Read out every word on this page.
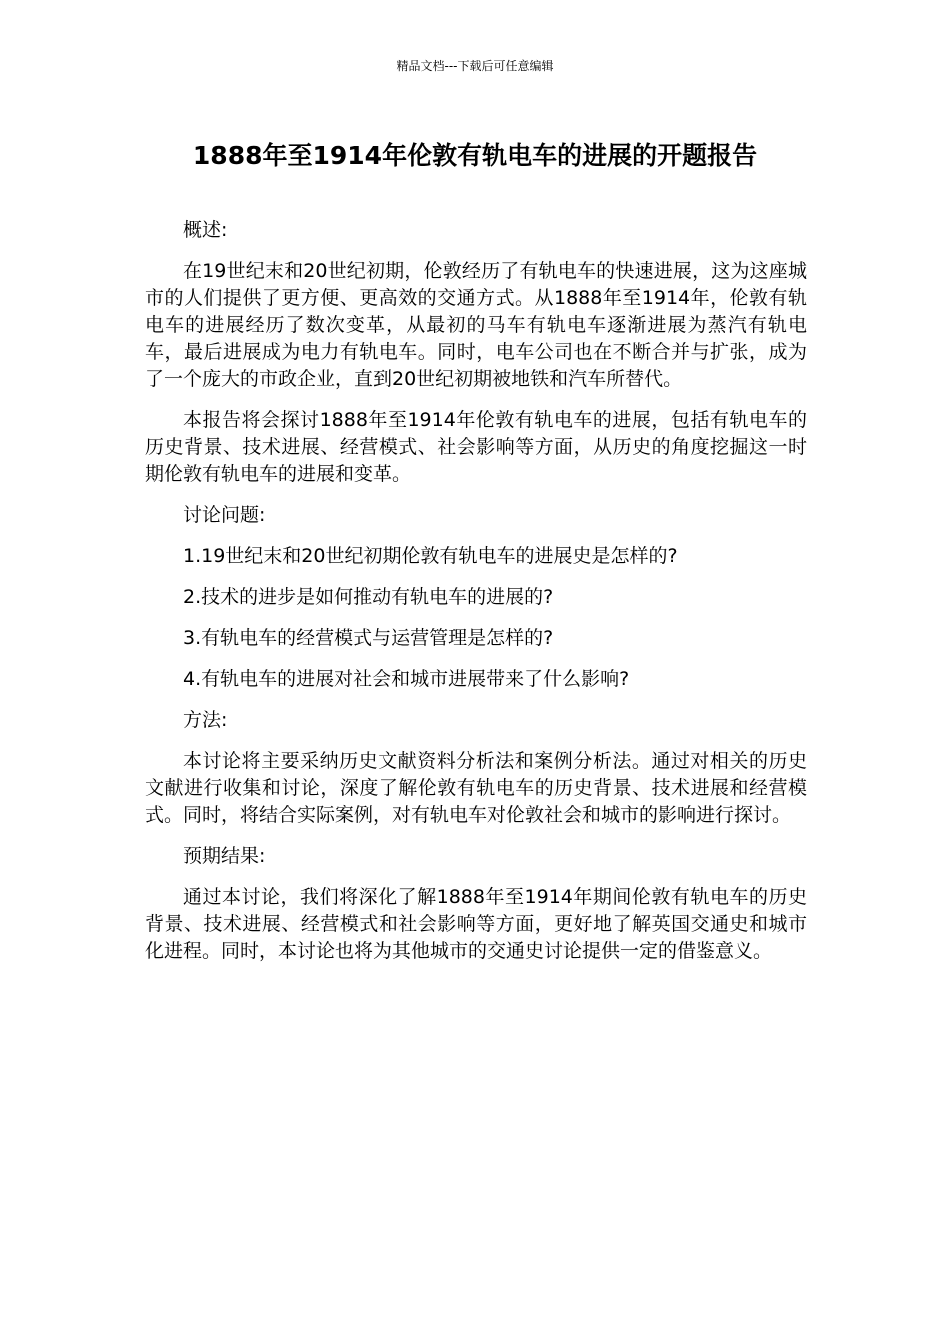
精品文档---下载后可任意编辑
1888年至1914年伦敦有轨电车的进展的开题报告

概述:

在19世纪末和20世纪初期，伦敦经历了有轨电车的快速进展，这为这座城市的人们提供了更方便、更高效的交通方式。从1888年至1914年，伦敦有轨电车的进展经历了数次变革，从最初的马车有轨电车逐渐进展为蒸汽有轨电车，最后进展成为电力有轨电车。同时，电车公司也在不断合并与扩张，成为了一个庞大的市政企业，直到20世纪初期被地铁和汽车所替代。

本报告将会探讨1888年至1914年伦敦有轨电车的进展，包括有轨电车的历史背景、技术进展、经营模式、社会影响等方面，从历史的角度挖掘这一时期伦敦有轨电车的进展和变革。

讨论问题:

1.19世纪末和20世纪初期伦敦有轨电车的进展史是怎样的?

2.技术的进步是如何推动有轨电车的进展的?

3.有轨电车的经营模式与运营管理是怎样的?

4.有轨电车的进展对社会和城市进展带来了什么影响?

方法:

本讨论将主要采纳历史文献资料分析法和案例分析法。通过对相关的历史文献进行收集和讨论，深度了解伦敦有轨电车的历史背景、技术进展和经营模式。同时，将结合实际案例，对有轨电车对伦敦社会和城市的影响进行探讨。

预期结果:

通过本讨论，我们将深化了解1888年至1914年期间伦敦有轨电车的历史背景、技术进展、经营模式和社会影响等方面，更好地了解英国交通史和城市化进程。同时，本讨论也将为其他城市的交通史讨论提供一定的借鉴意义。
